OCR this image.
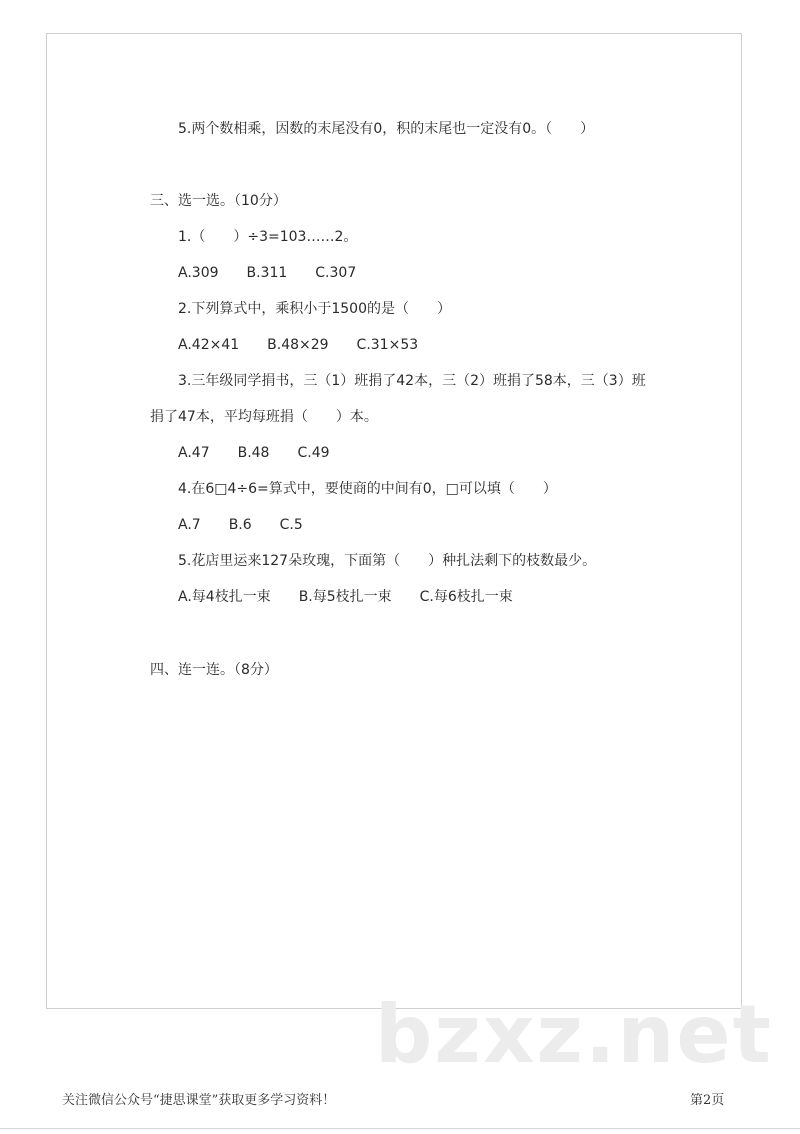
5.两个数相乘，因数的末尾没有0，积的末尾也一定没有0。（　　）
三、选一选。（10分）
1.（　　）÷3=103……2。
A.309　　B.311　　C.307
2.下列算式中，乘积小于1500的是（　　）
A.42×41　　B.48×29　　C.31×53
3.三年级同学捐书，三（1）班捐了42本，三（2）班捐了58本，三（3）班
捐了47本，平均每班捐（　　）本。
A.47　　B.48　　C.49
4.在6□4÷6=算式中，要使商的中间有0，□可以填（　　）
A.7　　B.6　　C.5
5.花店里运来127朵玫瑰，下面第（　　）种扎法剩下的枝数最少。
A.每4枝扎一束　　B.每5枝扎一束　　C.每6枝扎一束
四、连一连。（8分）
bzxz.net
关注微信公众号“捷思课堂”获取更多学习资料！	第2页
